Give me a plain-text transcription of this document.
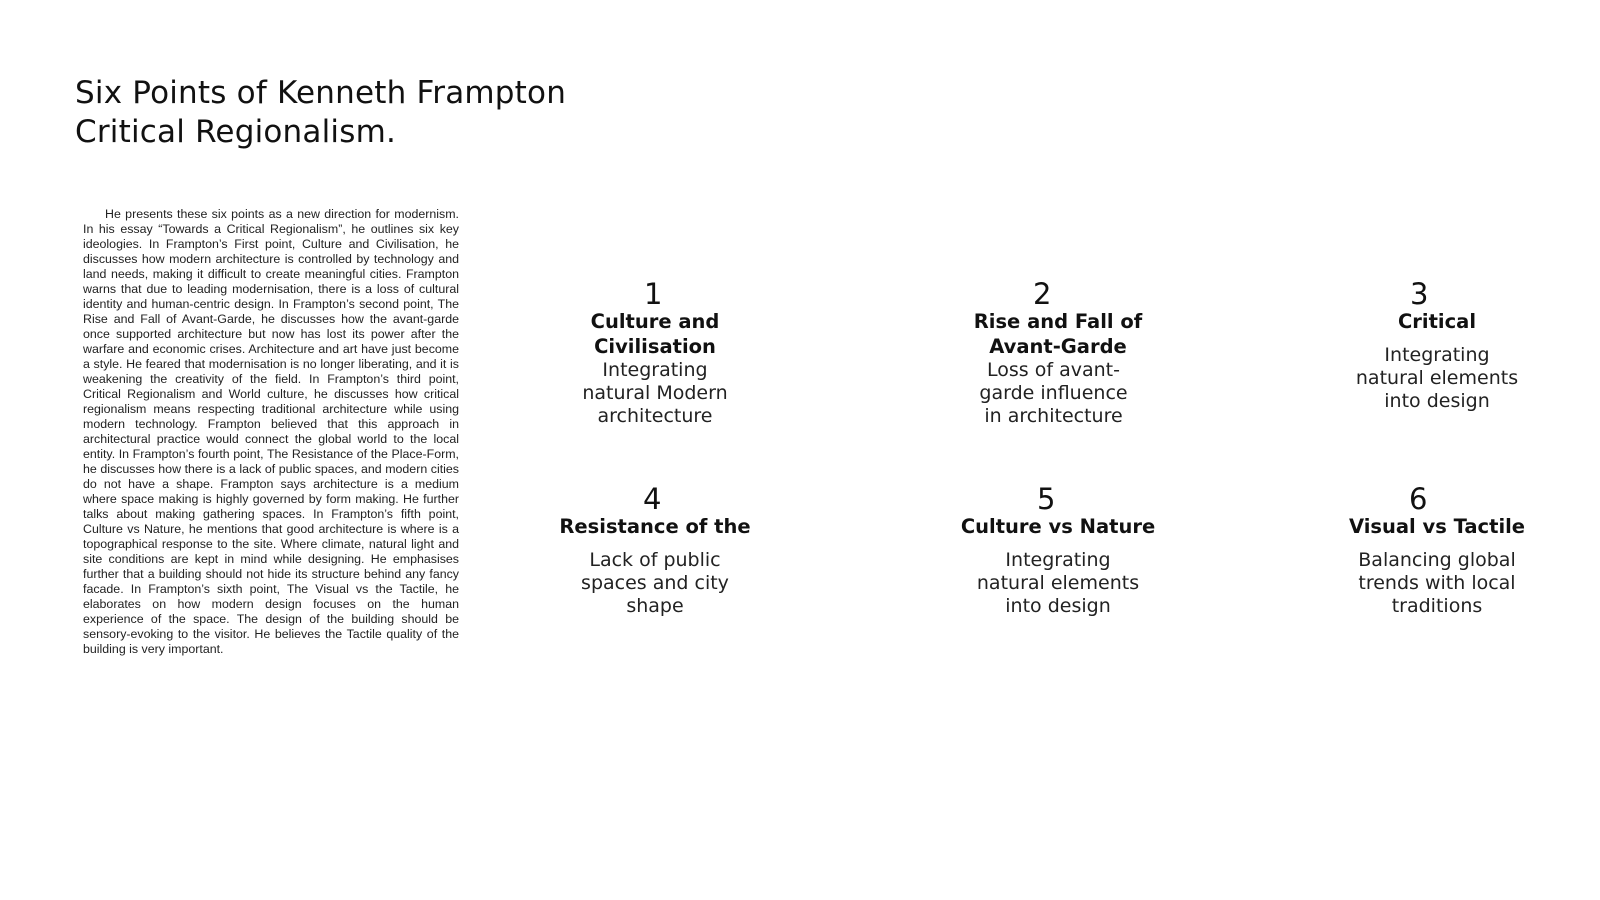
Six Points of Kenneth Frampton
Critical Regionalism.

He presents these six points as a new direction for modernism. In his essay “Towards a Critical Regionalism”, he outlines six key ideologies. In Frampton’s First point, Culture and Civilisation, he discusses how modern architecture is controlled by technology and land needs, making it difficult to create meaningful cities. Frampton warns that due to leading modernisation, there is a loss of cultural identity and human-centric design. In Frampton’s second point, The Rise and Fall of Avant-Garde, he discusses how the avant-garde once supported architecture but now has lost its power after the warfare and economic crises. Architecture and art have just become a style. He feared that modernisation is no longer liberating, and it is weakening the creativity of the field. In Frampton’s third point, Critical Regionalism and World culture, he discusses how critical regionalism means respecting traditional architecture while using modern technology. Frampton believed that this approach in architectural practice would connect the global world to the local entity. In Frampton’s fourth point, The Resistance of the Place-Form, he discusses how there is a lack of public spaces, and modern cities do not have a shape. Frampton says architecture is a medium where space making is highly governed by form making. He further talks about making gathering spaces. In Frampton’s fifth point, Culture vs Nature, he mentions that good architecture is where is a topographical response to the site. Where climate, natural light and site conditions are kept in mind while designing. He emphasises further that a building should not hide its structure behind any fancy facade. In Frampton’s sixth point, The Visual vs the Tactile, he elaborates on how modern design focuses on the human experience of the space. The design of the building should be sensory-evoking to the visitor. He believes the Tactile quality of the building is very important.

1
Culture and
Civilisation
Integrating
natural Modern
architecture
2
Rise and Fall of
Avant-Garde
Loss of avant-
garde influence
in architecture
3
Critical
Integrating
natural elements
into design
4
Resistance of the
Lack of public
spaces and city
shape
5
Culture vs Nature
Integrating
natural elements
into design
6
Visual vs Tactile
Balancing global
trends with local
traditions
